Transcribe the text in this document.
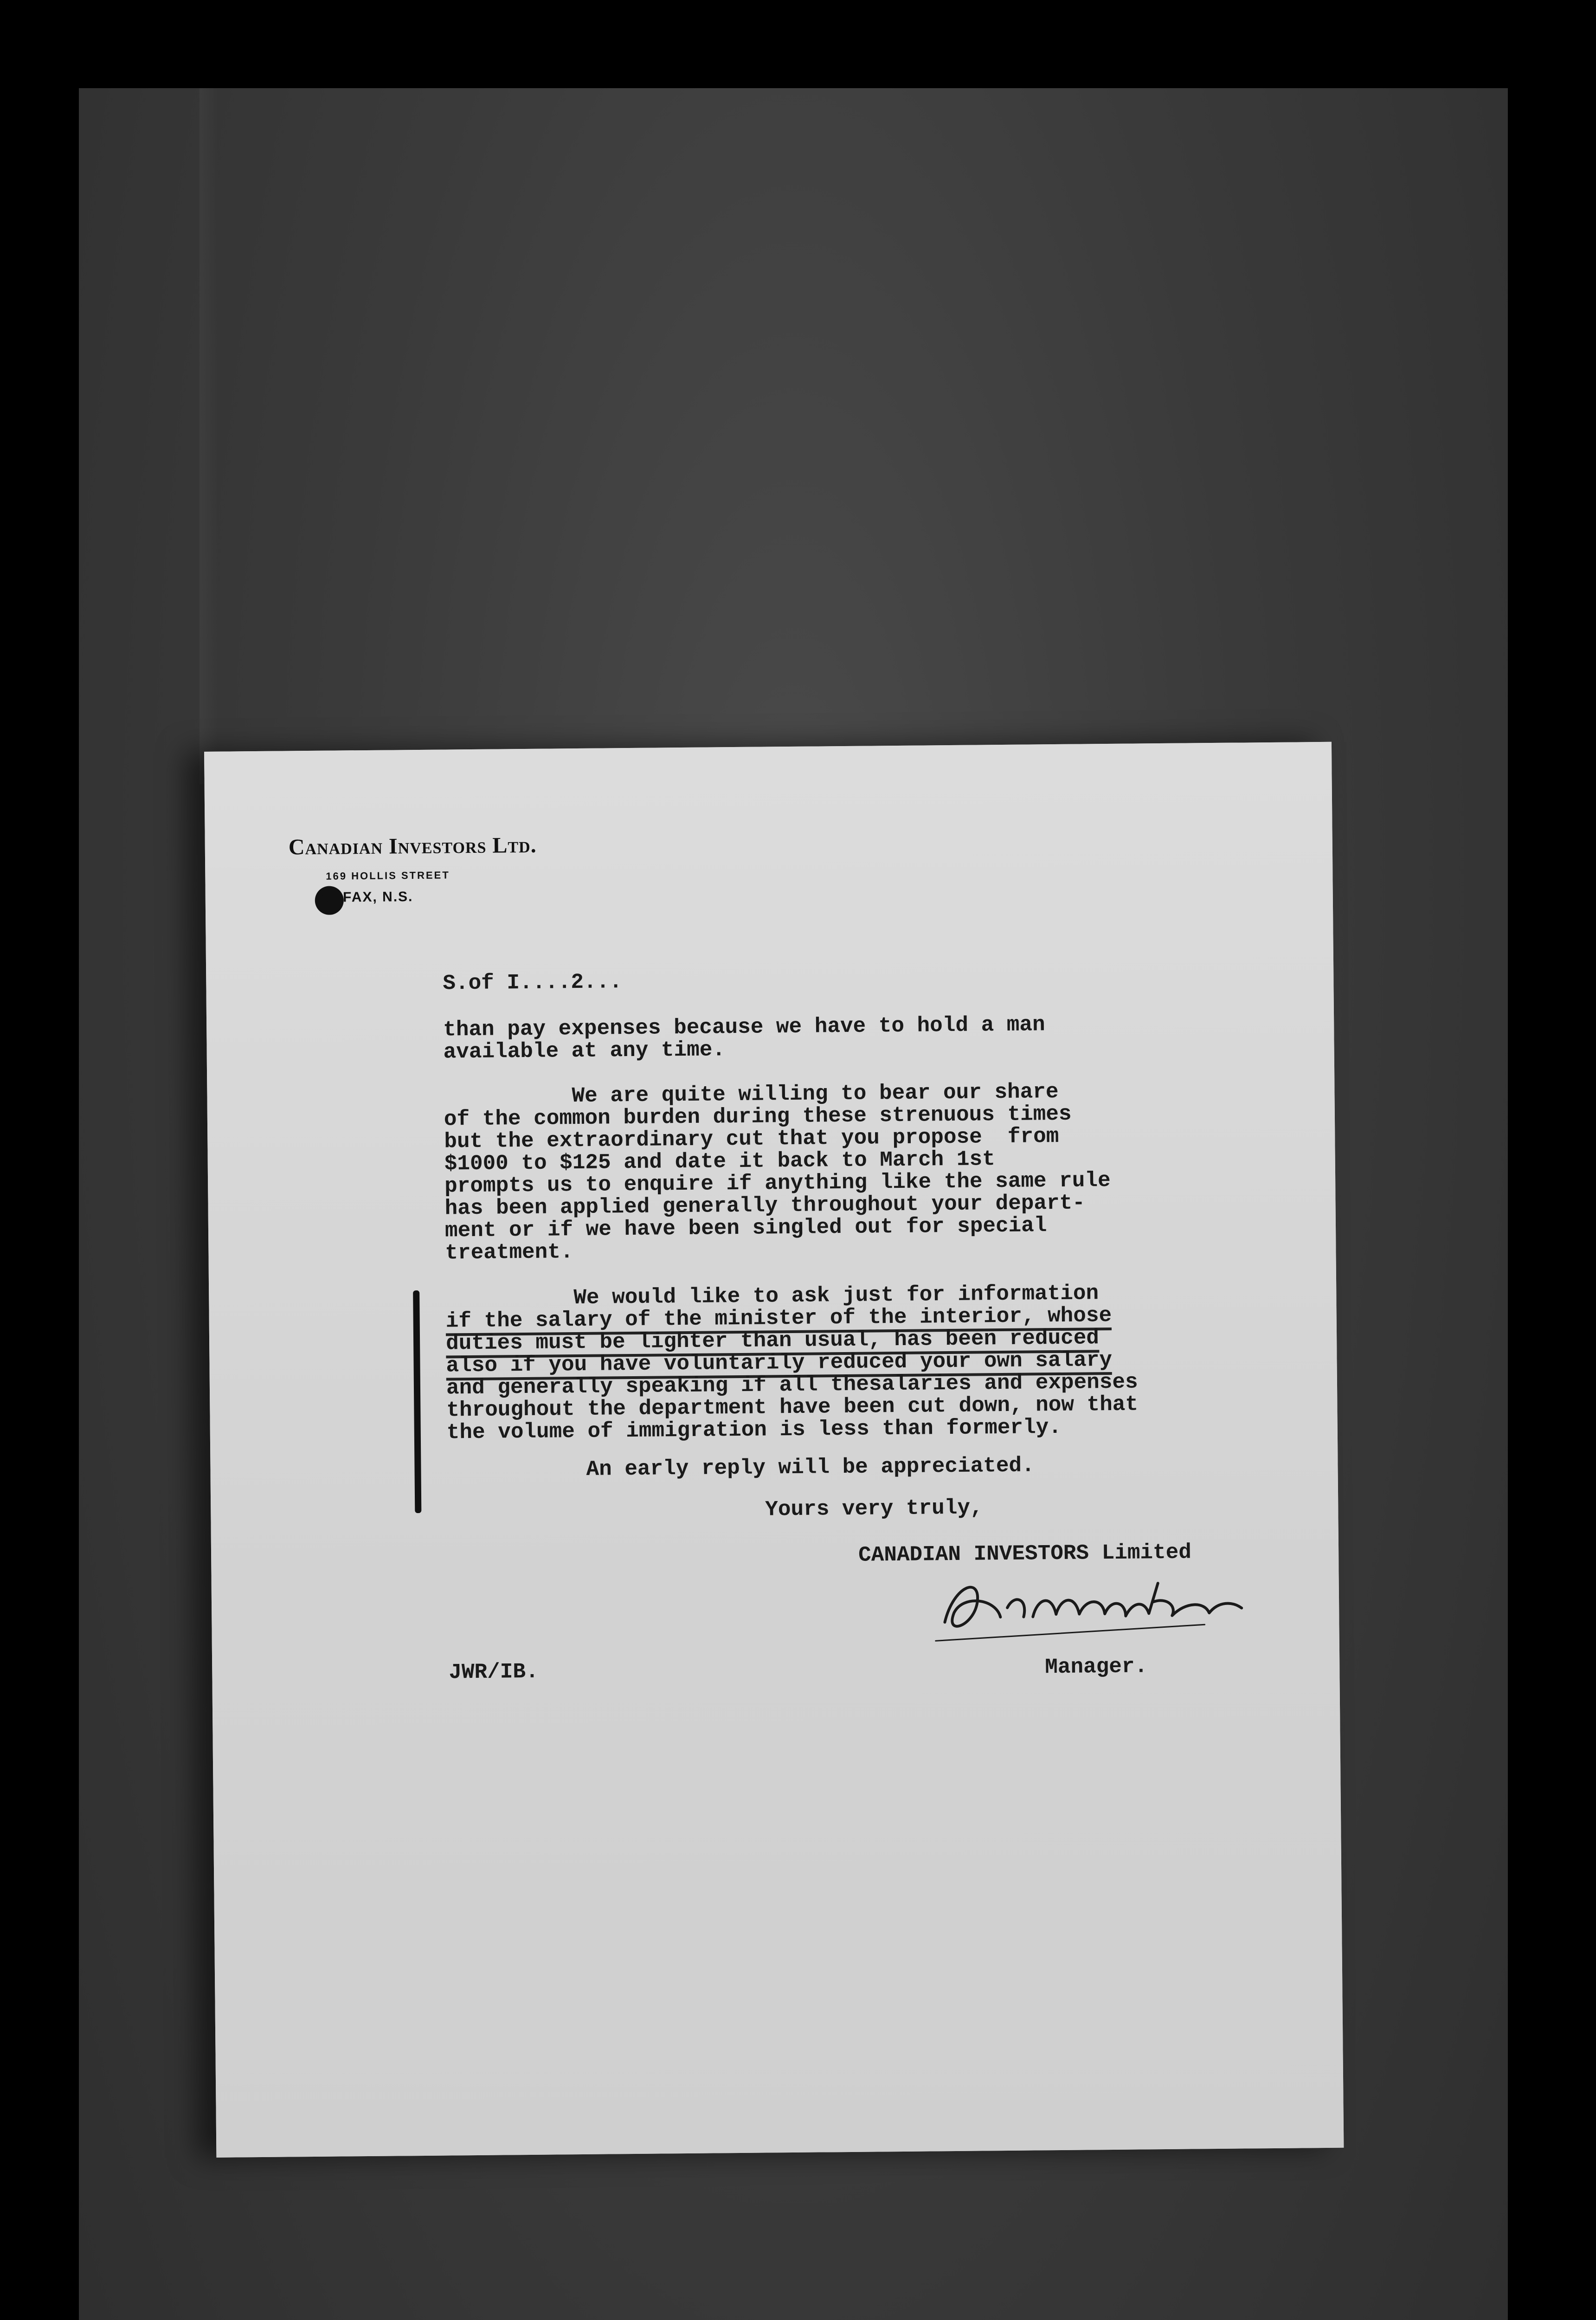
Canadian Investors Ltd.
169 HOLLIS STREET
ALIFAX, N.S.
S.of I....2...
than pay expenses because we have to hold a man
available at any time.
We are quite willing to bear our share
of the common burden during these strenuous times
but the extraordinary cut that you propose  from
$1000 to $125 and date it back to March 1st
prompts us to enquire if anything like the same rule
has been applied generally throughout your depart-
ment or if we have been singled out for special
treatment.
We would like to ask just for information
if the salary of the minister of the interior, whose
duties must be lighter than usual, has been reduced
also if you have voluntarily reduced your own salary
and generally speaking if all thesalaries and expenses
throughout the department have been cut down, now that
the volume of immigration is less than formerly.
An early reply will be appreciated.
Yours very truly,
CANADIAN INVESTORS Limited
JWR/IB.	Manager.
